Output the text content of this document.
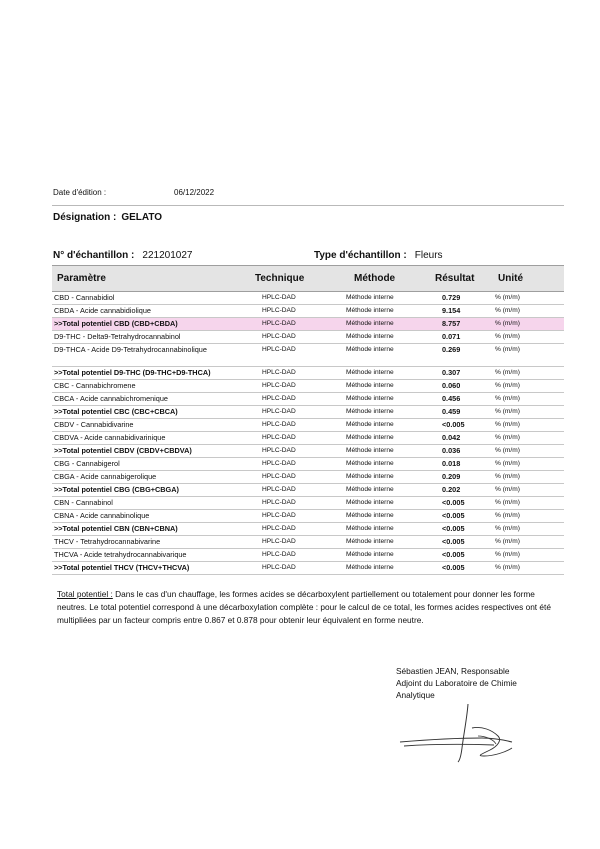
Date d'édition :	06/12/2022
Désignation : GELATO
N° d'échantillon : 221201027	Type d'échantillon : Fleurs
Paramètre	Technique	Méthode	Résultat Unité
CBD - Cannabidiol	HPLC-DAD	Méthode interne	0.729	% (m/m)
CBDA - Acide cannabidiolique	HPLC-DAD	Méthode interne	9.154	% (m/m)
>>Total potentiel CBD (CBD+CBDA)	HPLC-DAD	Méthode interne	8.757	% (m/m)
D9-THC - Delta9-Tetrahydrocannabinol	HPLC-DAD	Méthode interne	0.071	% (m/m)
D9-THCA - Acide D9-Tetrahydrocannabinolique	HPLC-DAD	Méthode interne	0.269	% (m/m)
>>Total potentiel D9-THC (D9-THC+D9-THCA)	HPLC-DAD	Méthode interne	0.307	% (m/m)
CBC - Cannabichromene	HPLC-DAD	Méthode interne	0.060	% (m/m)
CBCA - Acide cannabichromenique	HPLC-DAD	Méthode interne	0.456	% (m/m)
>>Total potentiel CBC (CBC+CBCA)	HPLC-DAD	Méthode interne	0.459	% (m/m)
CBDV - Cannabidivarine	HPLC-DAD	Méthode interne	<0.005	% (m/m)
CBDVA - Acide cannabidivarinique	HPLC-DAD	Méthode interne	0.042	% (m/m)
>>Total potentiel CBDV (CBDV+CBDVA)	HPLC-DAD	Méthode interne	0.036	% (m/m)
CBG - Cannabigerol	HPLC-DAD	Méthode interne	0.018	% (m/m)
CBGA - Acide cannabigerolique	HPLC-DAD	Méthode interne	0.209	% (m/m)
>>Total potentiel CBG (CBG+CBGA)	HPLC-DAD	Méthode interne	0.202	% (m/m)
CBN - Cannabinol	HPLC-DAD	Méthode interne	<0.005	% (m/m)
CBNA - Acide cannabinolique	HPLC-DAD	Méthode interne	<0.005	% (m/m)
>>Total potentiel CBN (CBN+CBNA)	HPLC-DAD	Méthode interne	<0.005	% (m/m)
THCV - Tetrahydrocannabivarine	HPLC-DAD	Méthode interne	<0.005	% (m/m)
THCVA - Acide tetrahydrocannabivarique	HPLC-DAD	Méthode interne	<0.005	% (m/m)
>>Total potentiel THCV (THCV+THCVA)	HPLC-DAD	Méthode interne	<0.005	% (m/m)
Total potentiel : Dans le cas d'un chauffage, les formes acides se décarboxylent partiellement ou totalement pour donner les forme neutres. Le total potentiel correspond à une décarboxylation complète : pour le calcul de ce total, les formes acides respectives ont été multipliées par un facteur compris entre 0.867 et 0.878 pour obtenir leur équivalent en forme neutre.
Sébastien JEAN, Responsable
Adjoint du Laboratoire de Chimie
Analytique
